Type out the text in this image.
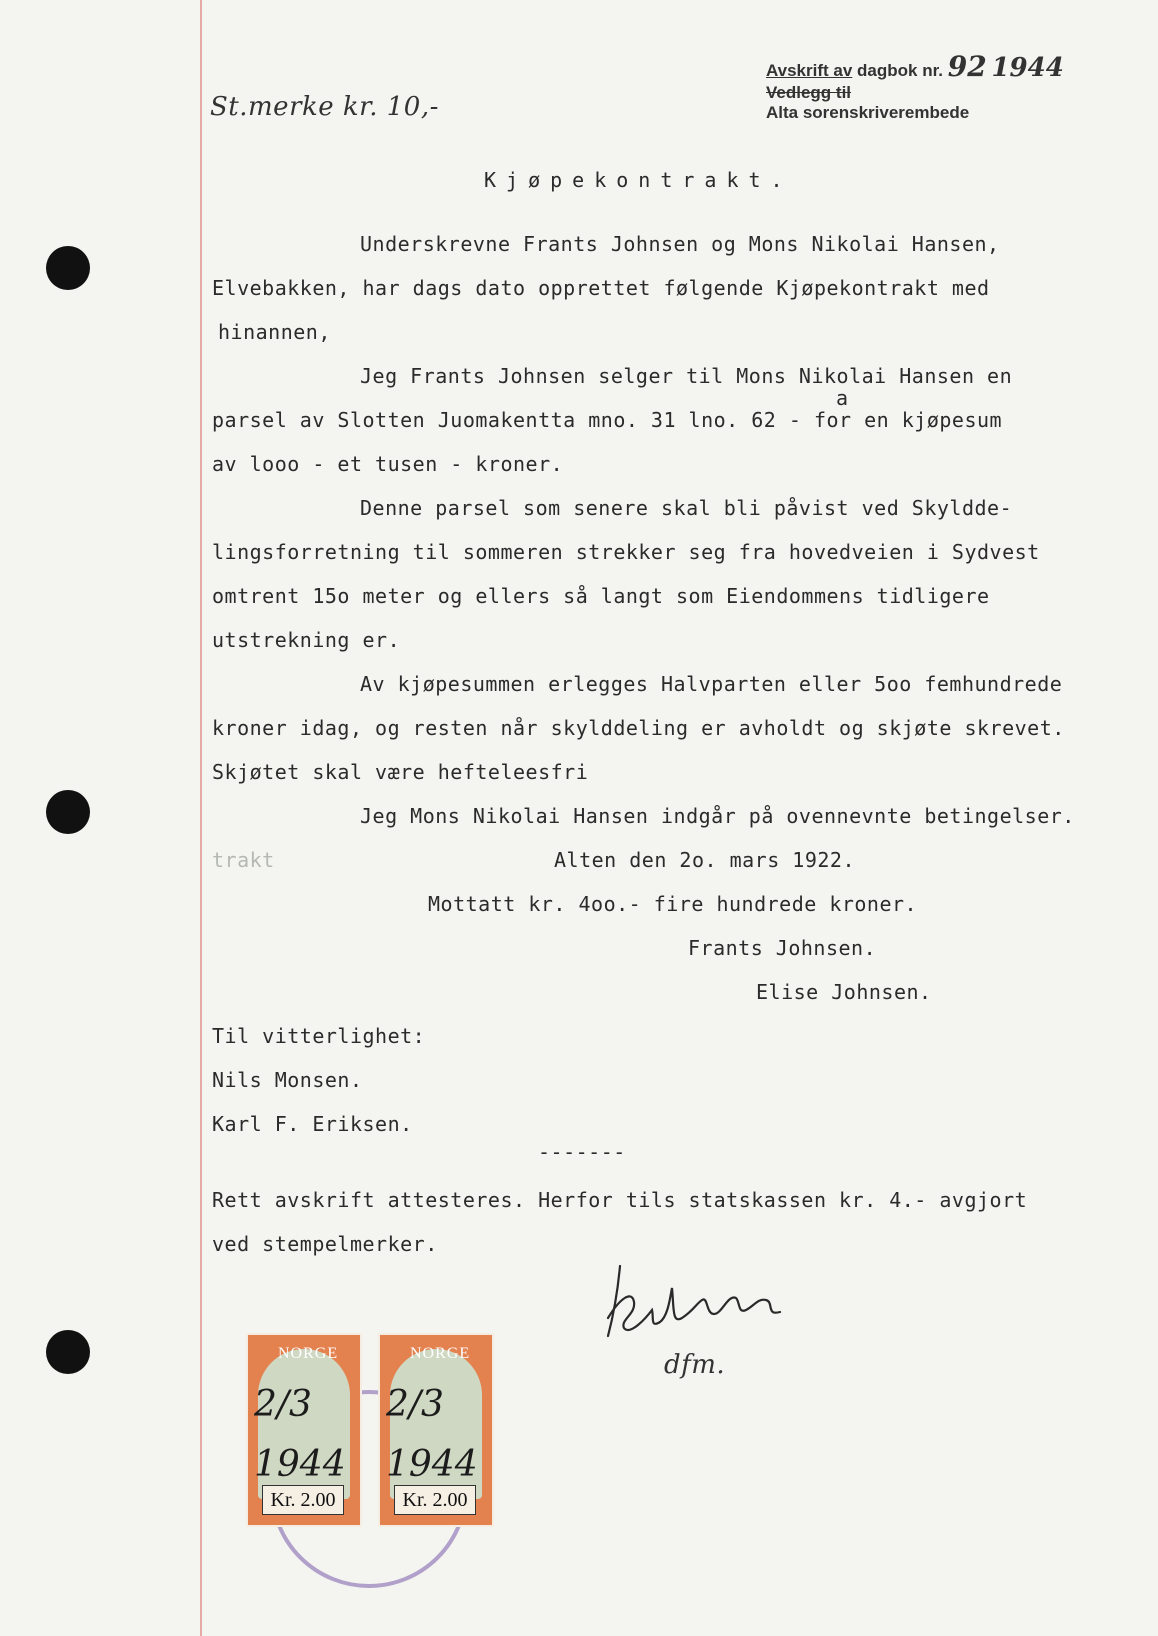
Avskrift av dagbok nr. 92 1944
Vedlegg til
Alta sorenskriverembede
St.merke kr. 10,-
Kjøpekontrakt.
Underskrevne Frants Johnsen og Mons Nikolai Hansen,
Elvebakken, har dags dato opprettet følgende Kjøpekontrakt med
hinannen,
Jeg Frants Johnsen selger til Mons Nikolai Hansen en
a
parsel av Slotten Juomakentta mno. 31 lno. 62 - for en kjøpesum
av looo - et tusen - kroner.
Denne parsel som senere skal bli påvist ved Skyldde-
lingsforretning til sommeren strekker seg fra hovedveien i Sydvest
omtrent 15o meter og ellers så langt som Eiendommens tidligere
utstrekning er.
Av kjøpesummen erlegges Halvparten eller 5oo femhundrede
kroner idag, og resten når skylddeling er avholdt og skjøte skrevet.
Skjøtet skal være hefteleesfri
Jeg Mons Nikolai Hansen indgår på ovennevnte betingelser.
trakt	Alten den 2o. mars 1922.
Mottatt kr. 4oo.- fire hundrede kroner.
Frants Johnsen.
Elise Johnsen.
Til vitterlighet:
Nils Monsen.
Karl F. Eriksen.
-------
Rett avskrift attesteres. Herfor tils statskassen kr. 4.- avgjort
ved stempelmerker.
NORGE
2/3 1944
Kr. 2.00
NORGE
2/3 1944
Kr. 2.00
dfm.
